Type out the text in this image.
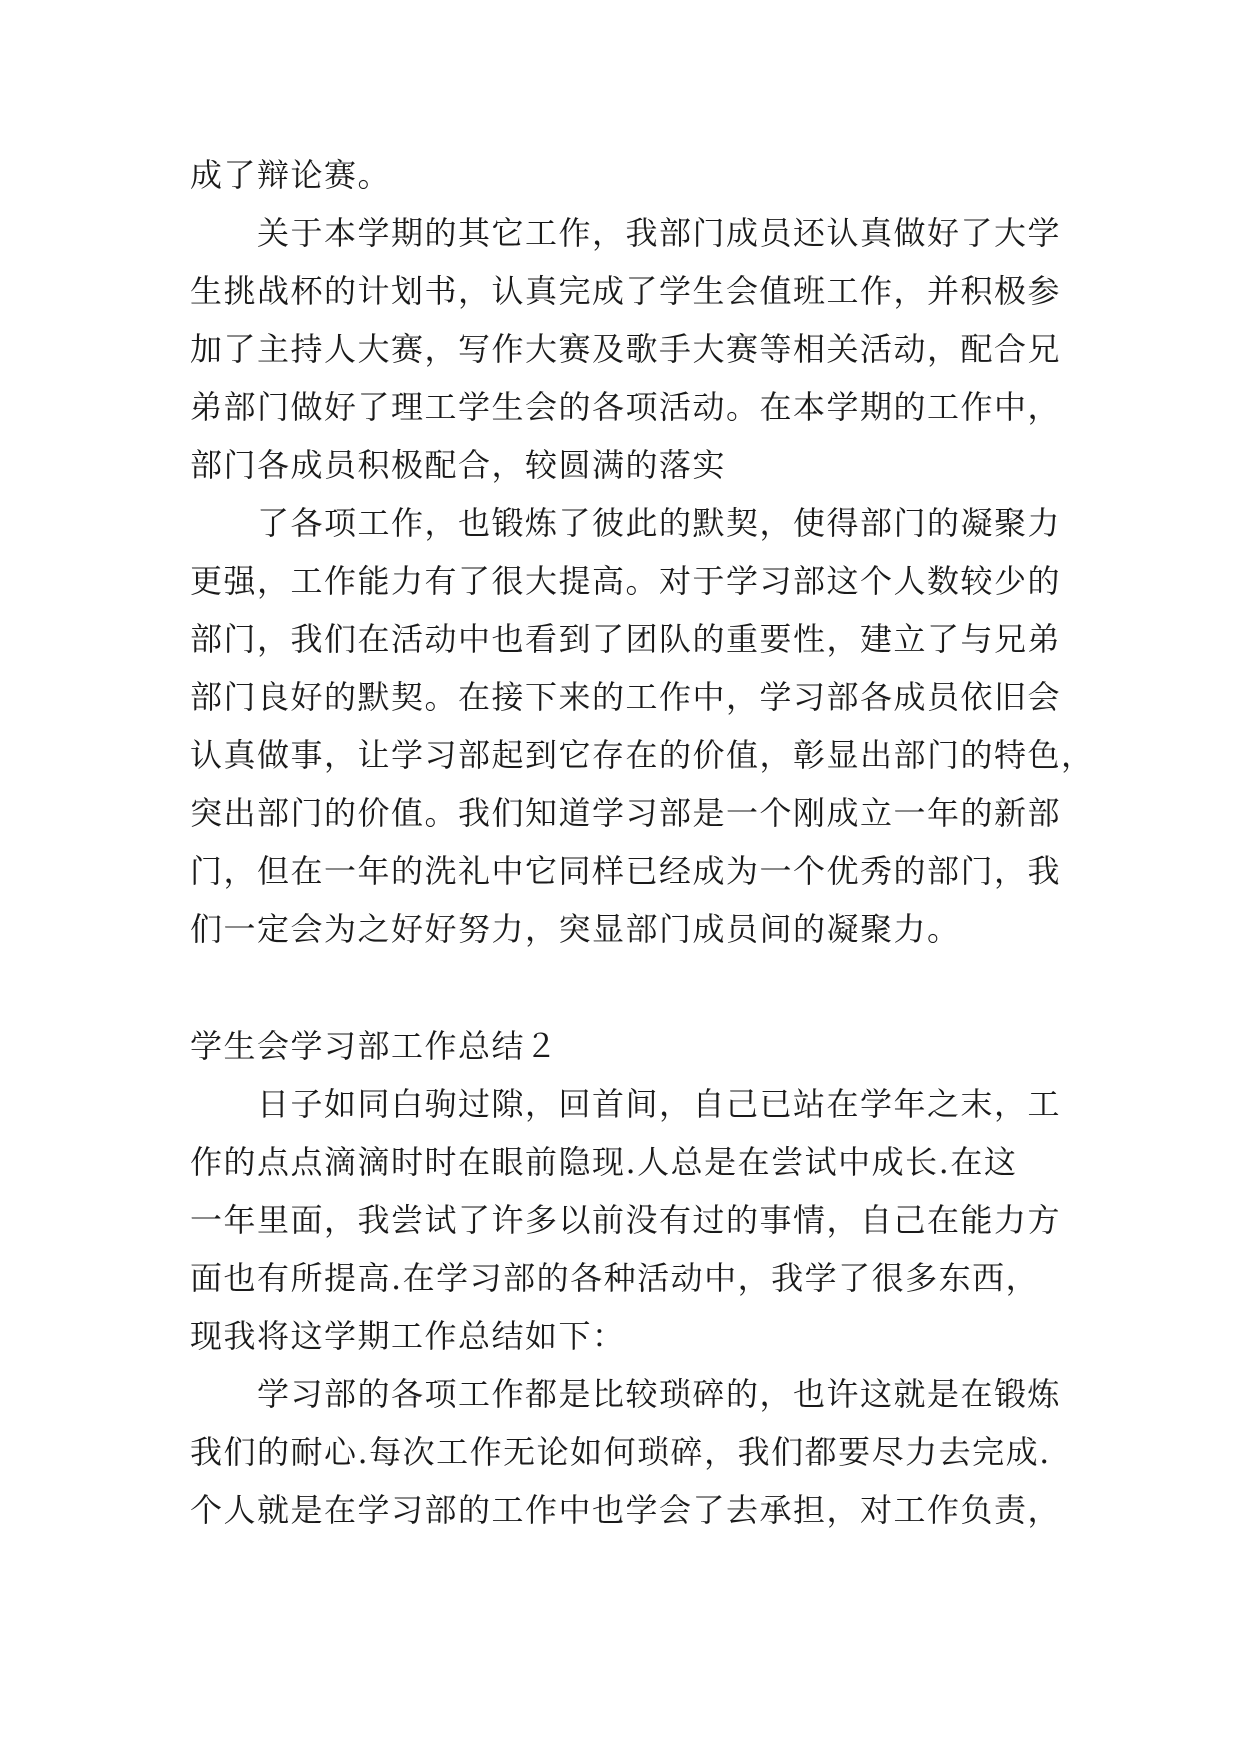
成了辩论赛。
关于本学期的其它工作，我部门成员还认真做好了大学
生挑战杯的计划书，认真完成了学生会值班工作，并积极参
加了主持人大赛，写作大赛及歌手大赛等相关活动，配合兄
弟部门做好了理工学生会的各项活动。在本学期的工作中，
部门各成员积极配合，较圆满的落实
了各项工作，也锻炼了彼此的默契，使得部门的凝聚力
更强，工作能力有了很大提高。对于学习部这个人数较少的
部门，我们在活动中也看到了团队的重要性，建立了与兄弟
部门良好的默契。在接下来的工作中，学习部各成员依旧会
认真做事，让学习部起到它存在的价值，彰显出部门的特色，
突出部门的价值。我们知道学习部是一个刚成立一年的新部
门，但在一年的洗礼中它同样已经成为一个优秀的部门，我
们一定会为之好好努力，突显部门成员间的凝聚力。
学生会学习部工作总结２
日子如同白驹过隙，回首间，自己已站在学年之末，工
作的点点滴滴时时在眼前隐现.人总是在尝试中成长.在这
一年里面，我尝试了许多以前没有过的事情，自己在能力方
面也有所提高.在学习部的各种活动中，我学了很多东西，
现我将这学期工作总结如下：
学习部的各项工作都是比较琐碎的，也许这就是在锻炼
我们的耐心.每次工作无论如何琐碎，我们都要尽力去完成.
个人就是在学习部的工作中也学会了去承担，对工作负责，
